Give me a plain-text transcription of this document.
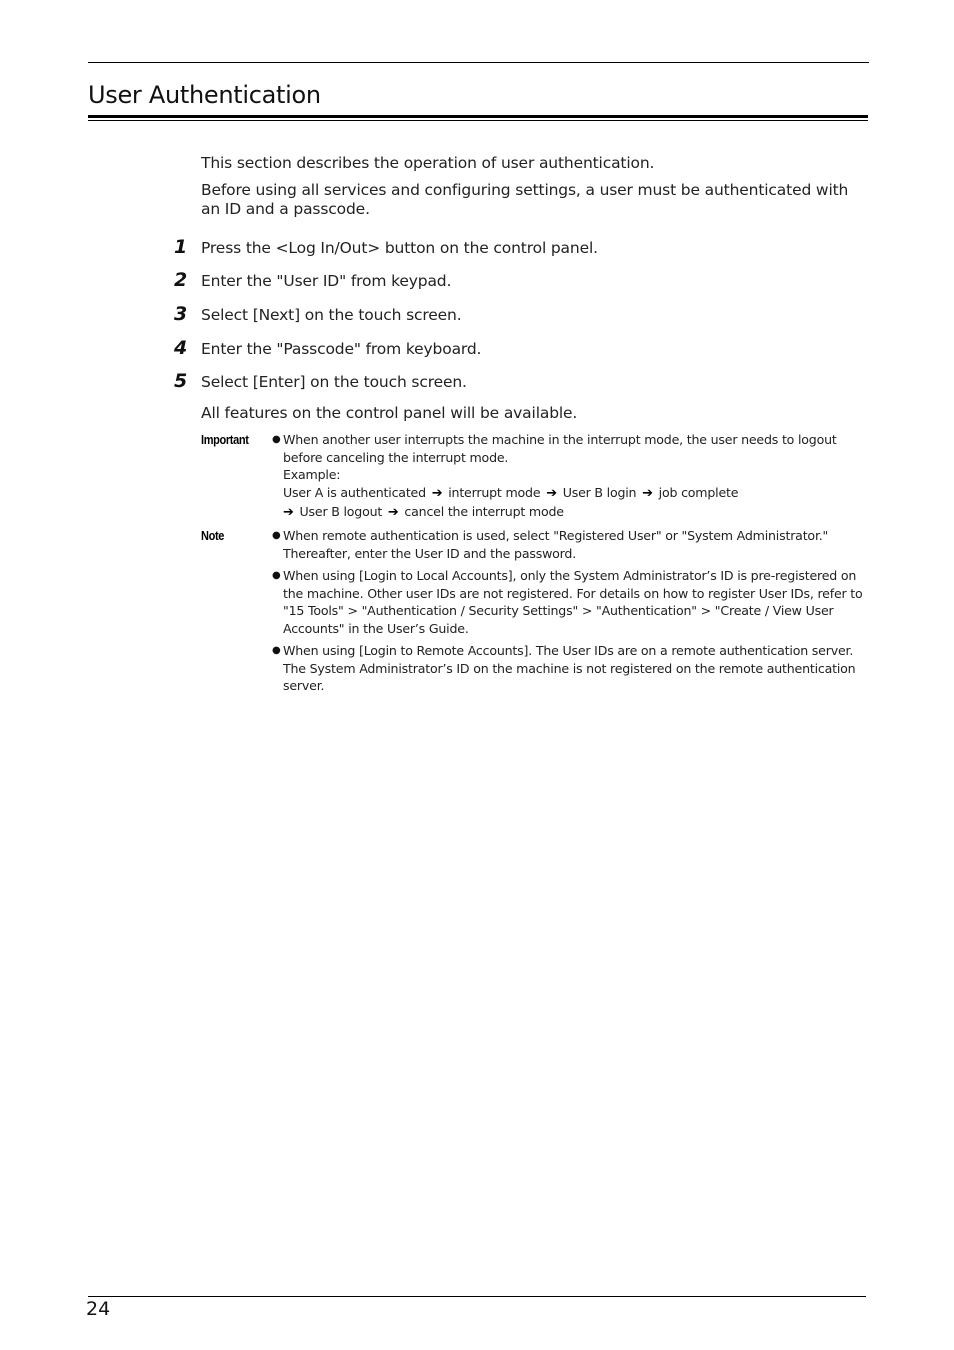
User Authentication
This section describes the operation of user authentication.
Before using all services and configuring settings, a user must be authenticated with an ID and a passcode.
1 Press the <Log In/Out> button on the control panel.
2 Enter the "User ID" from keypad.
3 Select [Next] on the touch screen.
4 Enter the "Passcode" from keyboard.
5 Select [Enter] on the touch screen.
All features on the control panel will be available.
Important ● When another user interrupts the machine in the interrupt mode, the user needs to logout before canceling the interrupt mode.
Example:
User A is authenticated ➔ interrupt mode ➔ User B login ➔ job complete
➔ User B logout ➔ cancel the interrupt mode
Note	● When remote authentication is used, select "Registered User" or "System Administrator." Thereafter, enter the User ID and the password.
● When using [Login to Local Accounts], only the System Administrator’s ID is pre-registered on the machine. Other user IDs are not registered. For details on how to register User IDs, refer to "15 Tools" > "Authentication / Security Settings" > "Authentication" > "Create / View User Accounts" in the User’s Guide.
● When using [Login to Remote Accounts]. The User IDs are on a remote authentication server. The System Administrator’s ID on the machine is not registered on the remote authentication server.
24
